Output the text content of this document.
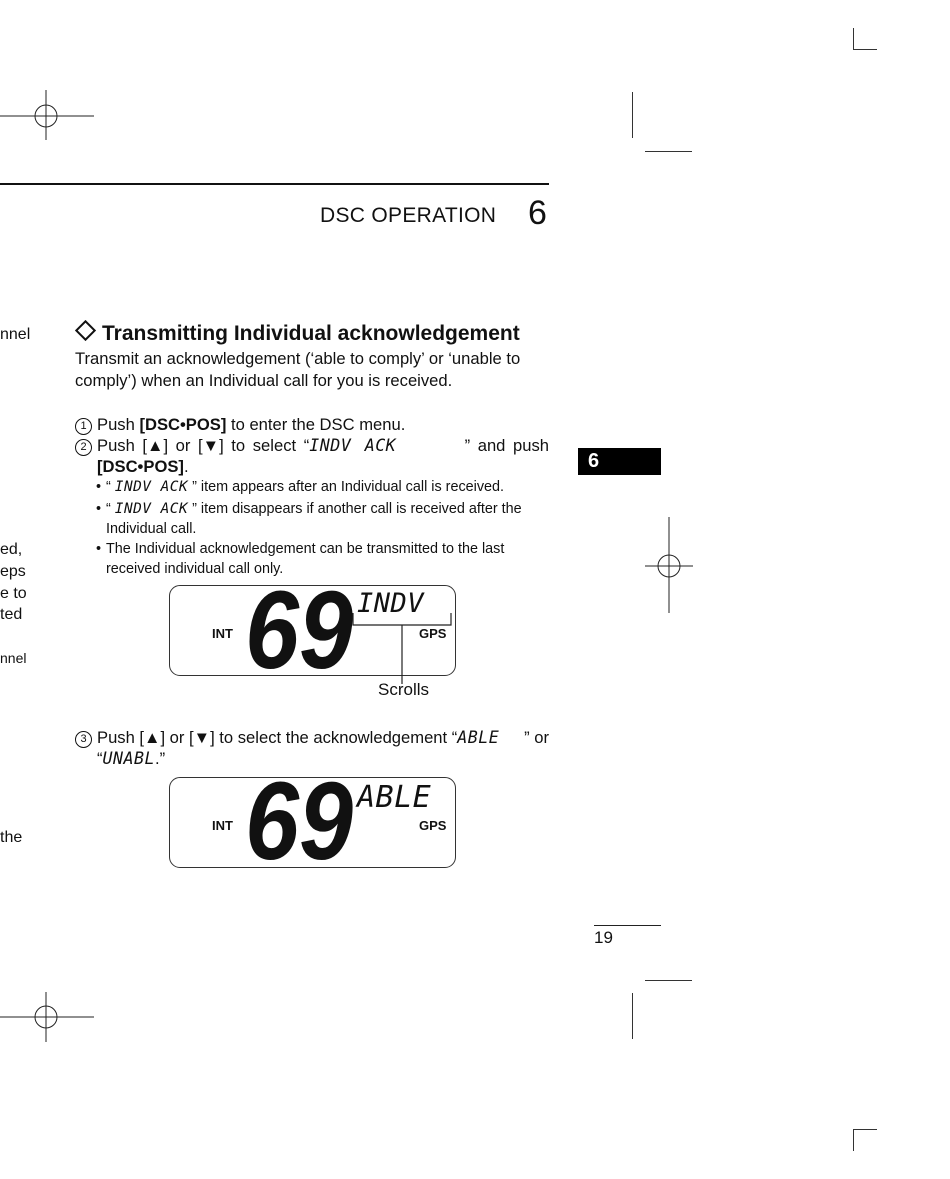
DSC OPERATION 6
6
nnel
ed,
eps
e to
ted
nnel
the
Transmitting Individual acknowledgement
Transmit an acknowledgement (‘able to comply’ or ‘unable to comply’) when an Individual call for you is received.
1 Push [DSC•POS] to enter the DSC menu.
2 Push [▲] or [▼] to select “INDV ACK	” and push
[DSC•POS].
• “ INDV ACK ” item appears after an Individual call is received.
• “ INDV ACK ” item disappears if another call is received after the Individual call.
• The Individual acknowledgement can be transmitted to the last received individual call only.
INT	GPS
69 INDV
Scrolls
3 Push [▲] or [▼] to select the acknowledgement “ABLE ” or
“UNABL.”
INT	GPS
69 ABLE
19
